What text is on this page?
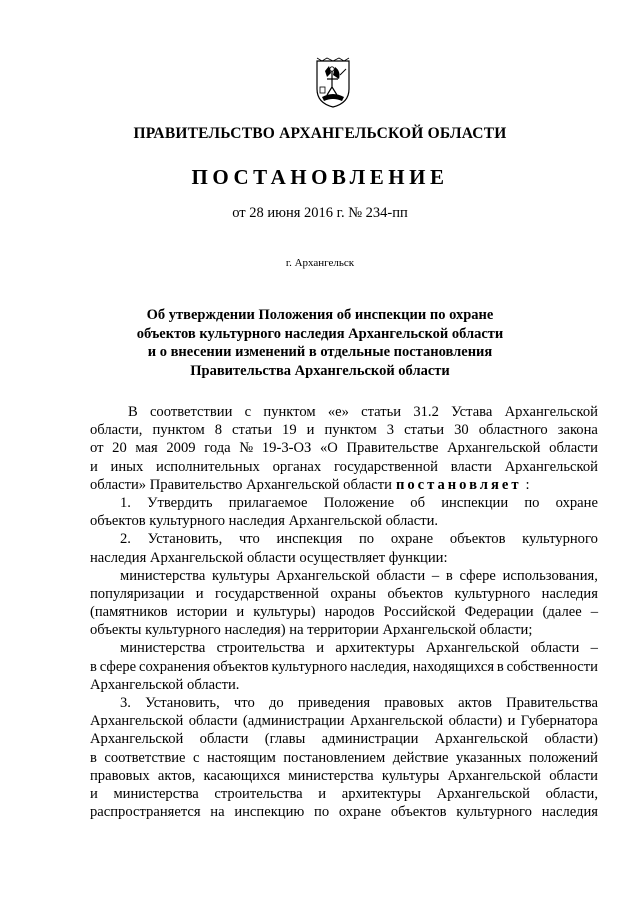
ПРАВИТЕЛЬСТВО АРХАНГЕЛЬСКОЙ ОБЛАСТИ
ПОСТАНОВЛЕНИЕ
от 28 июня 2016 г. № 234-пп
г. Архангельск
Об утверждении Положения об инспекции по охране
объектов культурного наследия Архангельской области
и о внесении изменений в отдельные постановления
Правительства Архангельской области
В соответствии с пунктом «е» статьи 31.2 Устава Архангельской
области, пунктом 8 статьи 19 и пунктом 3 статьи 30 областного закона
от 20 мая 2009 года № 19-3-ОЗ «О Правительстве Архангельской области
и иных исполнительных органах государственной власти Архангельской
области» Правительство Архангельской области постановляет :
1. Утвердить прилагаемое Положение об инспекции по охране
объектов культурного наследия Архангельской области.
2. Установить, что инспекция по охране объектов культурного
наследия Архангельской области осуществляет функции:
министерства культуры Архангельской области – в сфере использования,
популяризации и государственной охраны объектов культурного наследия
(памятников истории и культуры) народов Российской Федерации (далее –
объекты культурного наследия) на территории Архангельской области;
министерства строительства и архитектуры Архангельской области –
в сфере сохранения объектов культурного наследия, находящихся в собственности
Архангельской области.
3. Установить, что до приведения правовых актов Правительства
Архангельской области (администрации Архангельской области) и Губернатора
Архангельской области (главы администрации Архангельской области)
в соответствие с настоящим постановлением действие указанных положений
правовых актов, касающихся министерства культуры Архангельской области
и министерства строительства и архитектуры Архангельской области,
распространяется на инспекцию по охране объектов культурного наследия
